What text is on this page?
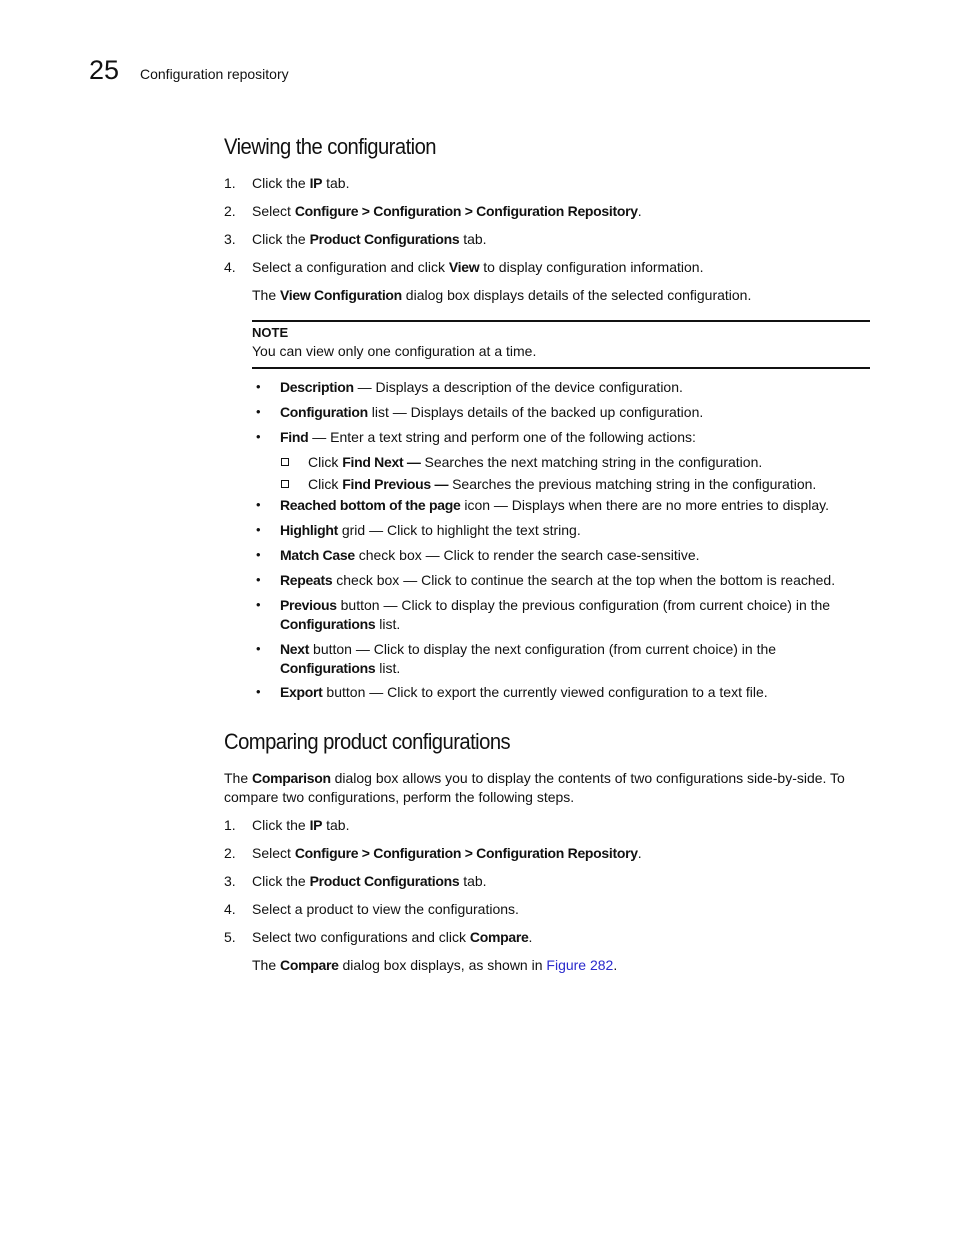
25 Configuration repository
Viewing the configuration
1. Click the IP tab.
2. Select Configure > Configuration > Configuration Repository.
3. Click the Product Configurations tab.
4. Select a configuration and click View to display configuration information.
The View Configuration dialog box displays details of the selected configuration.
NOTE
You can view only one configuration at a time.
• Description — Displays a description of the device configuration.
• Configuration list — Displays details of the backed up configuration.
• Find — Enter a text string and perform one of the following actions:
Click Find Next — Searches the next matching string in the configuration.
Click Find Previous — Searches the previous matching string in the configuration.
• Reached bottom of the page icon — Displays when there are no more entries to display.
• Highlight grid — Click to highlight the text string.
• Match Case check box — Click to render the search case-sensitive.
• Repeats check box — Click to continue the search at the top when the bottom is reached.
• Previous button — Click to display the previous configuration (from current choice) in the
Configurations list.
• Next button — Click to display the next configuration (from current choice) in the
Configurations list.
• Export button — Click to export the currently viewed configuration to a text file.
Comparing product configurations
The Comparison dialog box allows you to display the contents of two configurations side-by-side. To
compare two configurations, perform the following steps.
1. Click the IP tab.
2. Select Configure > Configuration > Configuration Repository.
3. Click the Product Configurations tab.
4. Select a product to view the configurations.
5. Select two configurations and click Compare.
The Compare dialog box displays, as shown in Figure 282.
